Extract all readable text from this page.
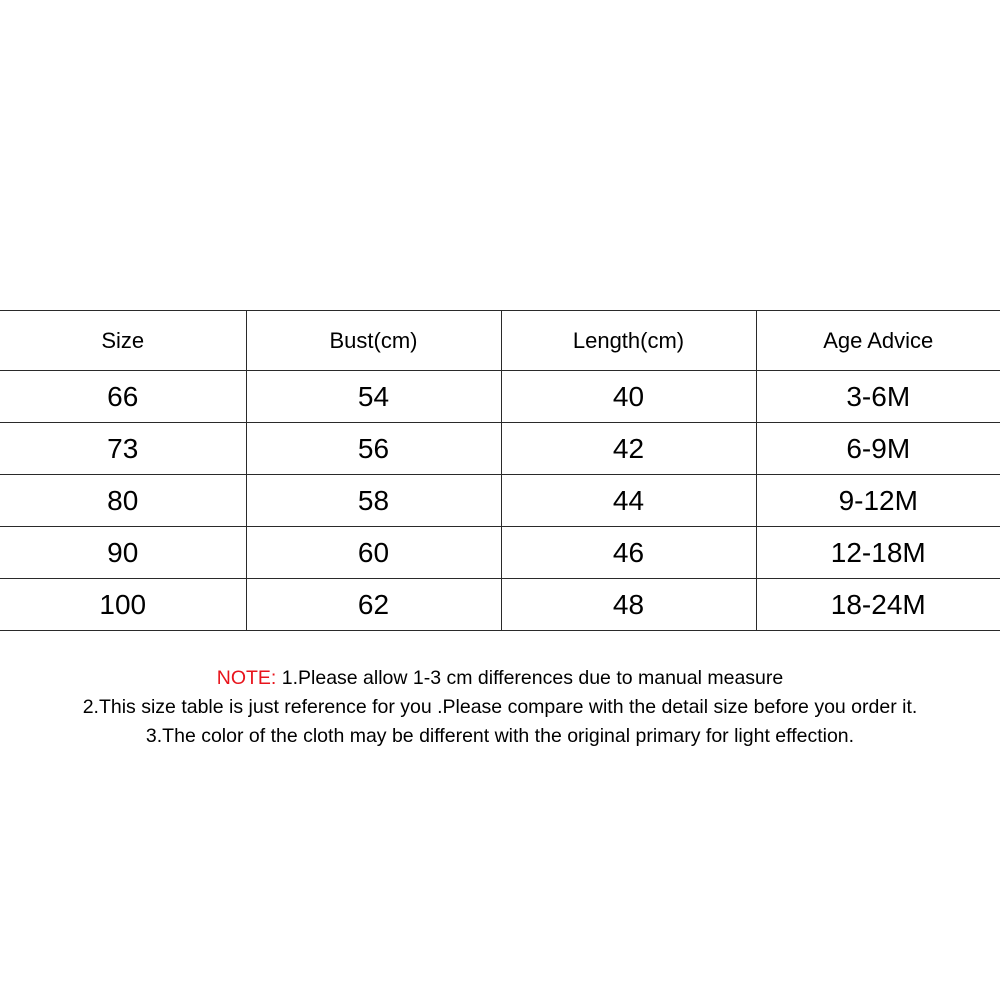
Size	Bust(cm)	Length(cm)	Age Advice
66	54	40	3-6M
73	56	42	6-9M
80	58	44	9-12M
90	60	46	12-18M
100	62	48	18-24M
NOTE: 1.Please allow 1-3 cm differences due to manual measure
2.This size table is just reference for you .Please compare with the detail size before you order it.
3.The color of the cloth may be different with the original primary for light effection.
